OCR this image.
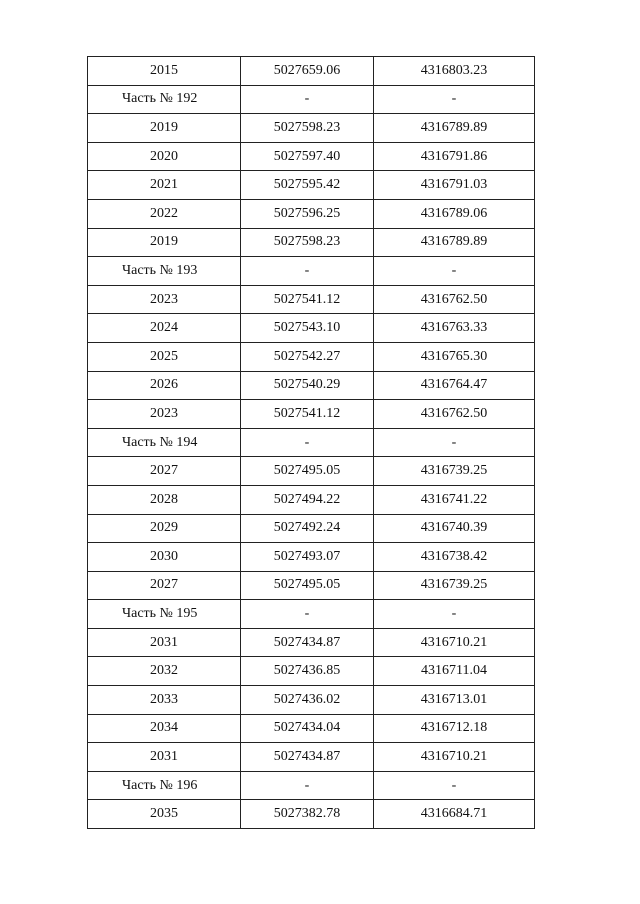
2015	5027659.06	4316803.23
Часть № 192	-	-
2019	5027598.23	4316789.89
2020	5027597.40	4316791.86
2021	5027595.42	4316791.03
2022	5027596.25	4316789.06
2019	5027598.23	4316789.89
Часть № 193	-	-
2023	5027541.12	4316762.50
2024	5027543.10	4316763.33
2025	5027542.27	4316765.30
2026	5027540.29	4316764.47
2023	5027541.12	4316762.50
Часть № 194	-	-
2027	5027495.05	4316739.25
2028	5027494.22	4316741.22
2029	5027492.24	4316740.39
2030	5027493.07	4316738.42
2027	5027495.05	4316739.25
Часть № 195	-	-
2031	5027434.87	4316710.21
2032	5027436.85	4316711.04
2033	5027436.02	4316713.01
2034	5027434.04	4316712.18
2031	5027434.87	4316710.21
Часть № 196	-	-
2035	5027382.78	4316684.71
